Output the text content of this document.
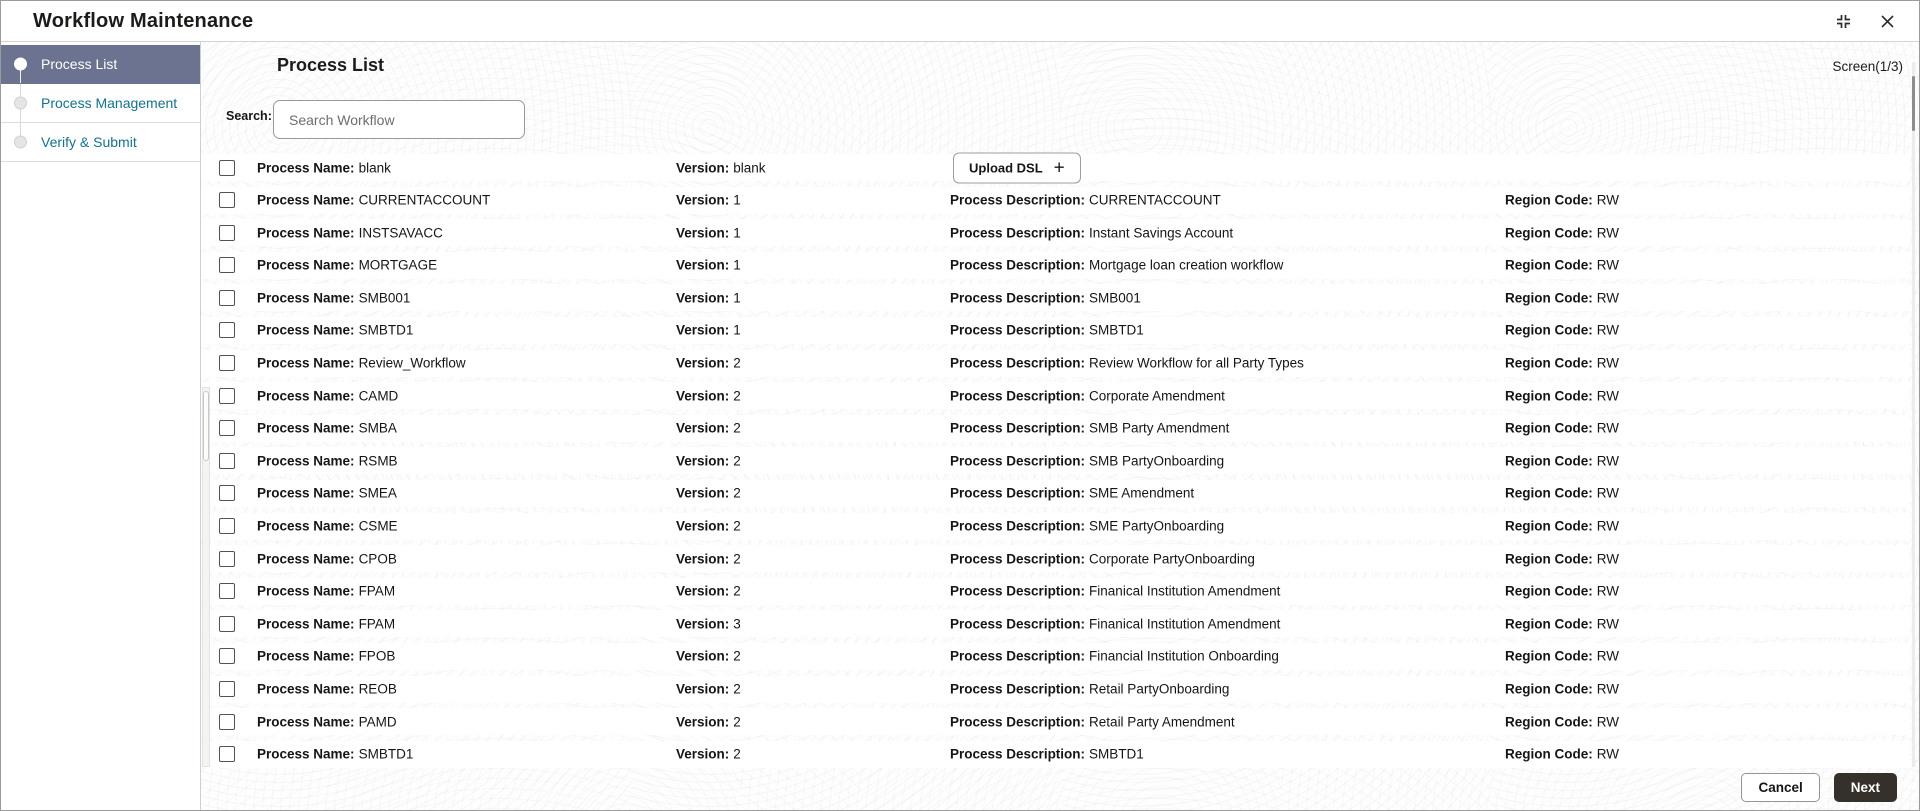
Workflow Maintenance
Process List
Process Management
Verify & Submit
Process List	Screen(1/3)
Search:
Search Workflow
Process Name: blank	Version: blank	Upload DSL +
Process Name: CURRENTACCOUNT	Version: 1	Process Description: CURRENTACCOUNT	Region Code: RW
Process Name: INSTSAVACC	Version: 1	Process Description: Instant Savings Account	Region Code: RW
Process Name: MORTGAGE	Version: 1	Process Description: Mortgage loan creation workflow	Region Code: RW
Process Name: SMB001	Version: 1	Process Description: SMB001	Region Code: RW
Process Name: SMBTD1	Version: 1	Process Description: SMBTD1	Region Code: RW
Process Name: Review_Workflow	Version: 2	Process Description: Review Workflow for all Party Types	Region Code: RW
Process Name: CAMD	Version: 2	Process Description: Corporate Amendment	Region Code: RW
Process Name: SMBA	Version: 2	Process Description: SMB Party Amendment	Region Code: RW
Process Name: RSMB	Version: 2	Process Description: SMB PartyOnboarding	Region Code: RW
Process Name: SMEA	Version: 2	Process Description: SME Amendment	Region Code: RW
Process Name: CSME	Version: 2	Process Description: SME PartyOnboarding	Region Code: RW
Process Name: CPOB	Version: 2	Process Description: Corporate PartyOnboarding	Region Code: RW
Process Name: FPAM	Version: 2	Process Description: Finanical Institution Amendment	Region Code: RW
Process Name: FPAM	Version: 3	Process Description: Finanical Institution Amendment	Region Code: RW
Process Name: FPOB	Version: 2	Process Description: Financial Institution Onboarding	Region Code: RW
Process Name: REOB	Version: 2	Process Description: Retail PartyOnboarding	Region Code: RW
Process Name: PAMD	Version: 2	Process Description: Retail Party Amendment	Region Code: RW
Process Name: SMBTD1	Version: 2	Process Description: SMBTD1	Region Code: RW
Cancel	Next
